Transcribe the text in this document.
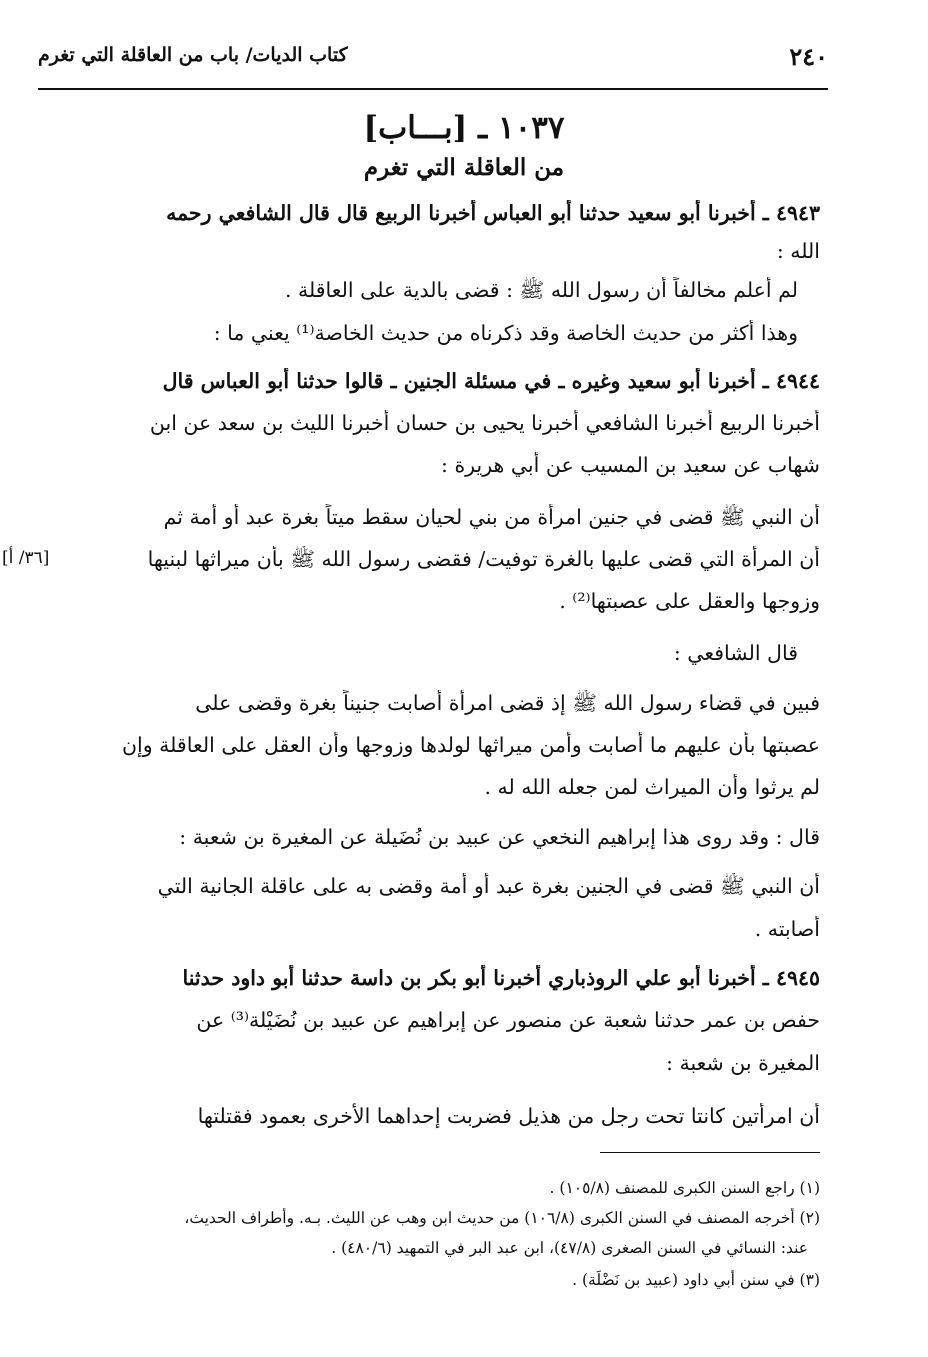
٢٤٠
كتاب الديات/ باب من العاقلة التي تغرم
١٠٣٧ ـ [بـــاب]
من العاقلة التي تغرم
٤٩٤٣ ـ أخبرنا أبو سعيد حدثنا أبو العباس أخبرنا الربيع قال قال الشافعي رحمه
الله :
لم أعلم مخالفاً أن رسول الله ﷺ : قضى بالدية على العاقلة .
وهذا أكثر من حديث الخاصة وقد ذكرناه من حديث الخاصة⁽¹⁾ يعني ما :
٤٩٤٤ ـ أخبرنا أبو سعيد وغيره ـ في مسئلة الجنين ـ قالوا حدثنا أبو العباس قال
أخبرنا الربيع أخبرنا الشافعي أخبرنا يحيى بن حسان أخبرنا الليث بن سعد عن ابن
شهاب عن سعيد بن المسيب عن أبي هريرة :
أن النبي ﷺ قضى في جنين امرأة من بني لحيان سقط ميتاً بغرة عبد أو أمة ثم
أن المرأة التي قضى عليها بالغرة توفيت/ فقضى رسول الله ﷺ بأن ميراثها لبنيها
[٣٦/ أ]
وزوجها والعقل على عصبتها⁽²⁾ .
قال الشافعي :
فبين في قضاء رسول الله ﷺ إذ قضى امرأة أصابت جنيناً بغرة وقضى على
عصبتها بأن عليهم ما أصابت وأمن ميراثها لولدها وزوجها وأن العقل على العاقلة وإن
لم يرثوا وأن الميراث لمن جعله الله له .
قال : وقد روى هذا إبراهيم النخعي عن عبيد بن نُضَيلة عن المغيرة بن شعبة :
أن النبي ﷺ قضى في الجنين بغرة عبد أو أمة وقضى به على عاقلة الجانية التي
أصابته .
٤٩٤٥ ـ أخبرنا أبو علي الروذباري أخبرنا أبو بكر بن داسة حدثنا أبو داود حدثنا
حفص بن عمر حدثنا شعبة عن منصور عن إبراهيم عن عبيد بن نُضَيْلة⁽³⁾ عن
المغيرة بن شعبة :
أن امرأتين كانتا تحت رجل من هذيل فضربت إحداهما الأخرى بعمود فقتلتها
(١) راجع السنن الكبرى للمصنف (١٠٥/٨) .
(٢) أخرجه المصنف في السنن الكبرى (١٠٦/٨) من حديث ابن وهب عن الليث. بـه. وأطراف الحديث،
عند: النسائي في السنن الصغرى (٤٧/٨)، ابن عبد البر في التمهيد (٤٨٠/٦) .
(٣) في سنن أبي داود (عبيد بن نَضْلَة) .
